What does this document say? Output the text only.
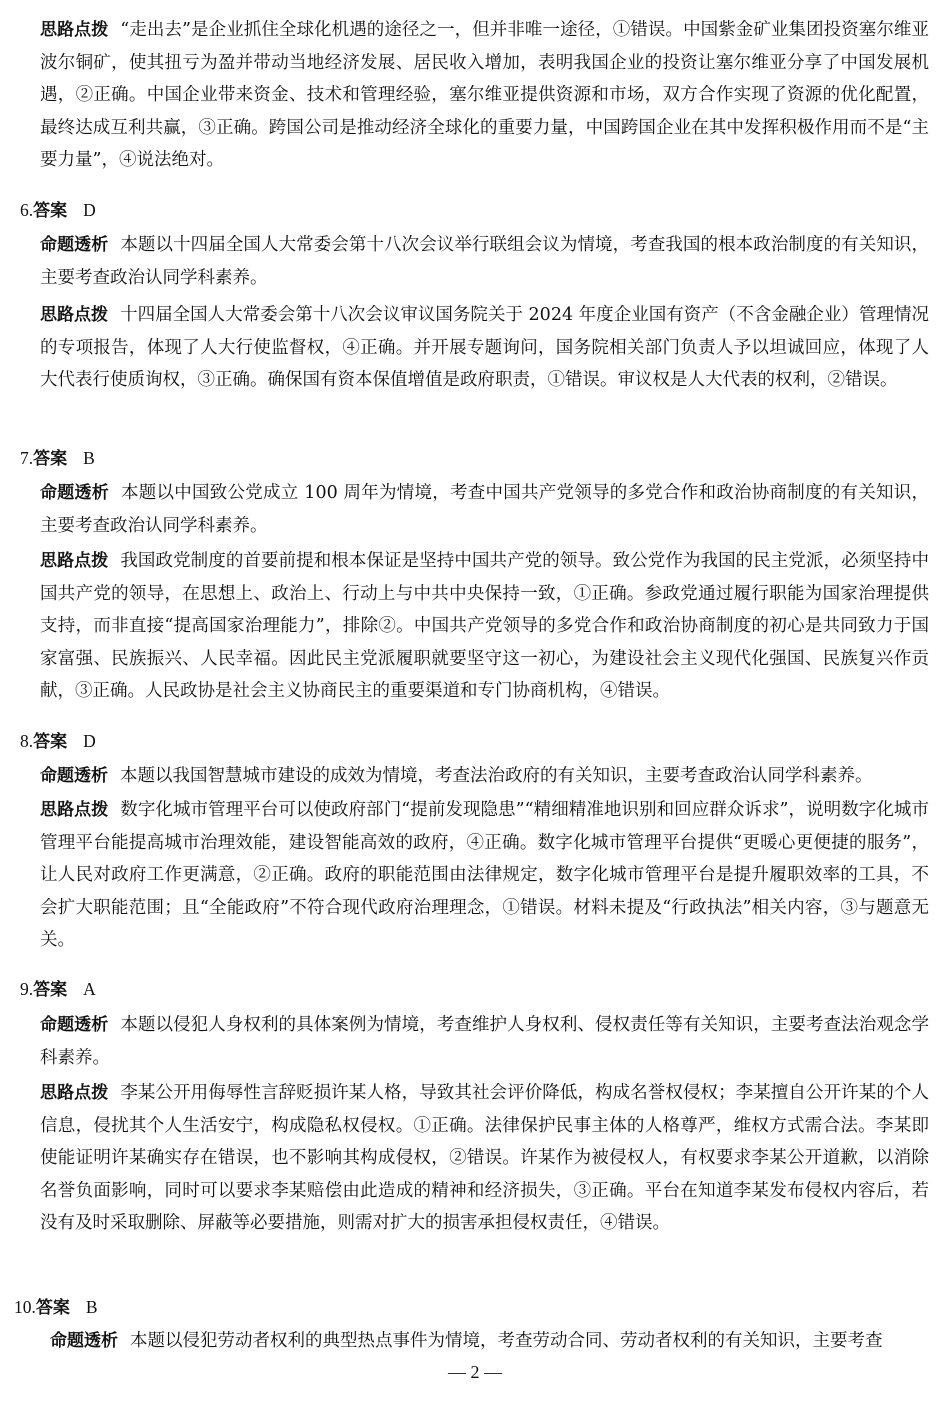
思路点拨 “走出去”是企业抓住全球化机遇的途径之一，但并非唯一途径，①错误。中国紫金矿业集团投资塞尔维亚波尔铜矿，使其扭亏为盈并带动当地经济发展、居民收入增加，表明我国企业的投资让塞尔维亚分享了中国发展机遇，②正确。中国企业带来资金、技术和管理经验，塞尔维亚提供资源和市场，双方合作实现了资源的优化配置，最终达成互利共赢，③正确。跨国公司是推动经济全球化的重要力量，中国跨国企业在其中发挥积极作用而不是“主要力量”，④说法绝对。

6.答案 D

命题透析 本题以十四届全国人大常委会第十八次会议举行联组会议为情境，考查我国的根本政治制度的有关知识，主要考查政治认同学科素养。

思路点拨 十四届全国人大常委会第十八次会议审议国务院关于 2024 年度企业国有资产（不含金融企业）管理情况的专项报告，体现了人大行使监督权，④正确。并开展专题询问，国务院相关部门负责人予以坦诚回应，体现了人大代表行使质询权，③正确。确保国有资本保值增值是政府职责，①错误。审议权是人大代表的权利，②错误。

7.答案 B

命题透析 本题以中国致公党成立 100 周年为情境，考查中国共产党领导的多党合作和政治协商制度的有关知识，主要考查政治认同学科素养。

思路点拨 我国政党制度的首要前提和根本保证是坚持中国共产党的领导。致公党作为我国的民主党派，必须坚持中国共产党的领导，在思想上、政治上、行动上与中共中央保持一致，①正确。参政党通过履行职能为国家治理提供支持，而非直接“提高国家治理能力”，排除②。中国共产党领导的多党合作和政治协商制度的初心是共同致力于国家富强、民族振兴、人民幸福。因此民主党派履职就要坚守这一初心，为建设社会主义现代化强国、民族复兴作贡献，③正确。人民政协是社会主义协商民主的重要渠道和专门协商机构，④错误。

8.答案 D

命题透析 本题以我国智慧城市建设的成效为情境，考查法治政府的有关知识，主要考查政治认同学科素养。

思路点拨 数字化城市管理平台可以使政府部门“提前发现隐患”“精细精准地识别和回应群众诉求”，说明数字化城市管理平台能提高城市治理效能，建设智能高效的政府，④正确。数字化城市管理平台提供“更暖心更便捷的服务”，让人民对政府工作更满意，②正确。政府的职能范围由法律规定，数字化城市管理平台是提升履职效率的工具，不会扩大职能范围；且“全能政府”不符合现代政府治理理念，①错误。材料未提及“行政执法”相关内容，③与题意无关。

9.答案 A

命题透析 本题以侵犯人身权利的具体案例为情境，考查维护人身权利、侵权责任等有关知识，主要考查法治观念学科素养。

思路点拨 李某公开用侮辱性言辞贬损许某人格，导致其社会评价降低，构成名誉权侵权；李某擅自公开许某的个人信息，侵扰其个人生活安宁，构成隐私权侵权。①正确。法律保护民事主体的人格尊严，维权方式需合法。李某即使能证明许某确实存在错误，也不影响其构成侵权，②错误。许某作为被侵权人，有权要求李某公开道歉，以消除名誉负面影响，同时可以要求李某赔偿由此造成的精神和经济损失，③正确。平台在知道李某发布侵权内容后，若没有及时采取删除、屏蔽等必要措施，则需对扩大的损害承担侵权责任，④错误。

10.答案 B

命题透析 本题以侵犯劳动者权利的典型热点事件为情境，考查劳动合同、劳动者权利的有关知识，主要考查

— 2 —
